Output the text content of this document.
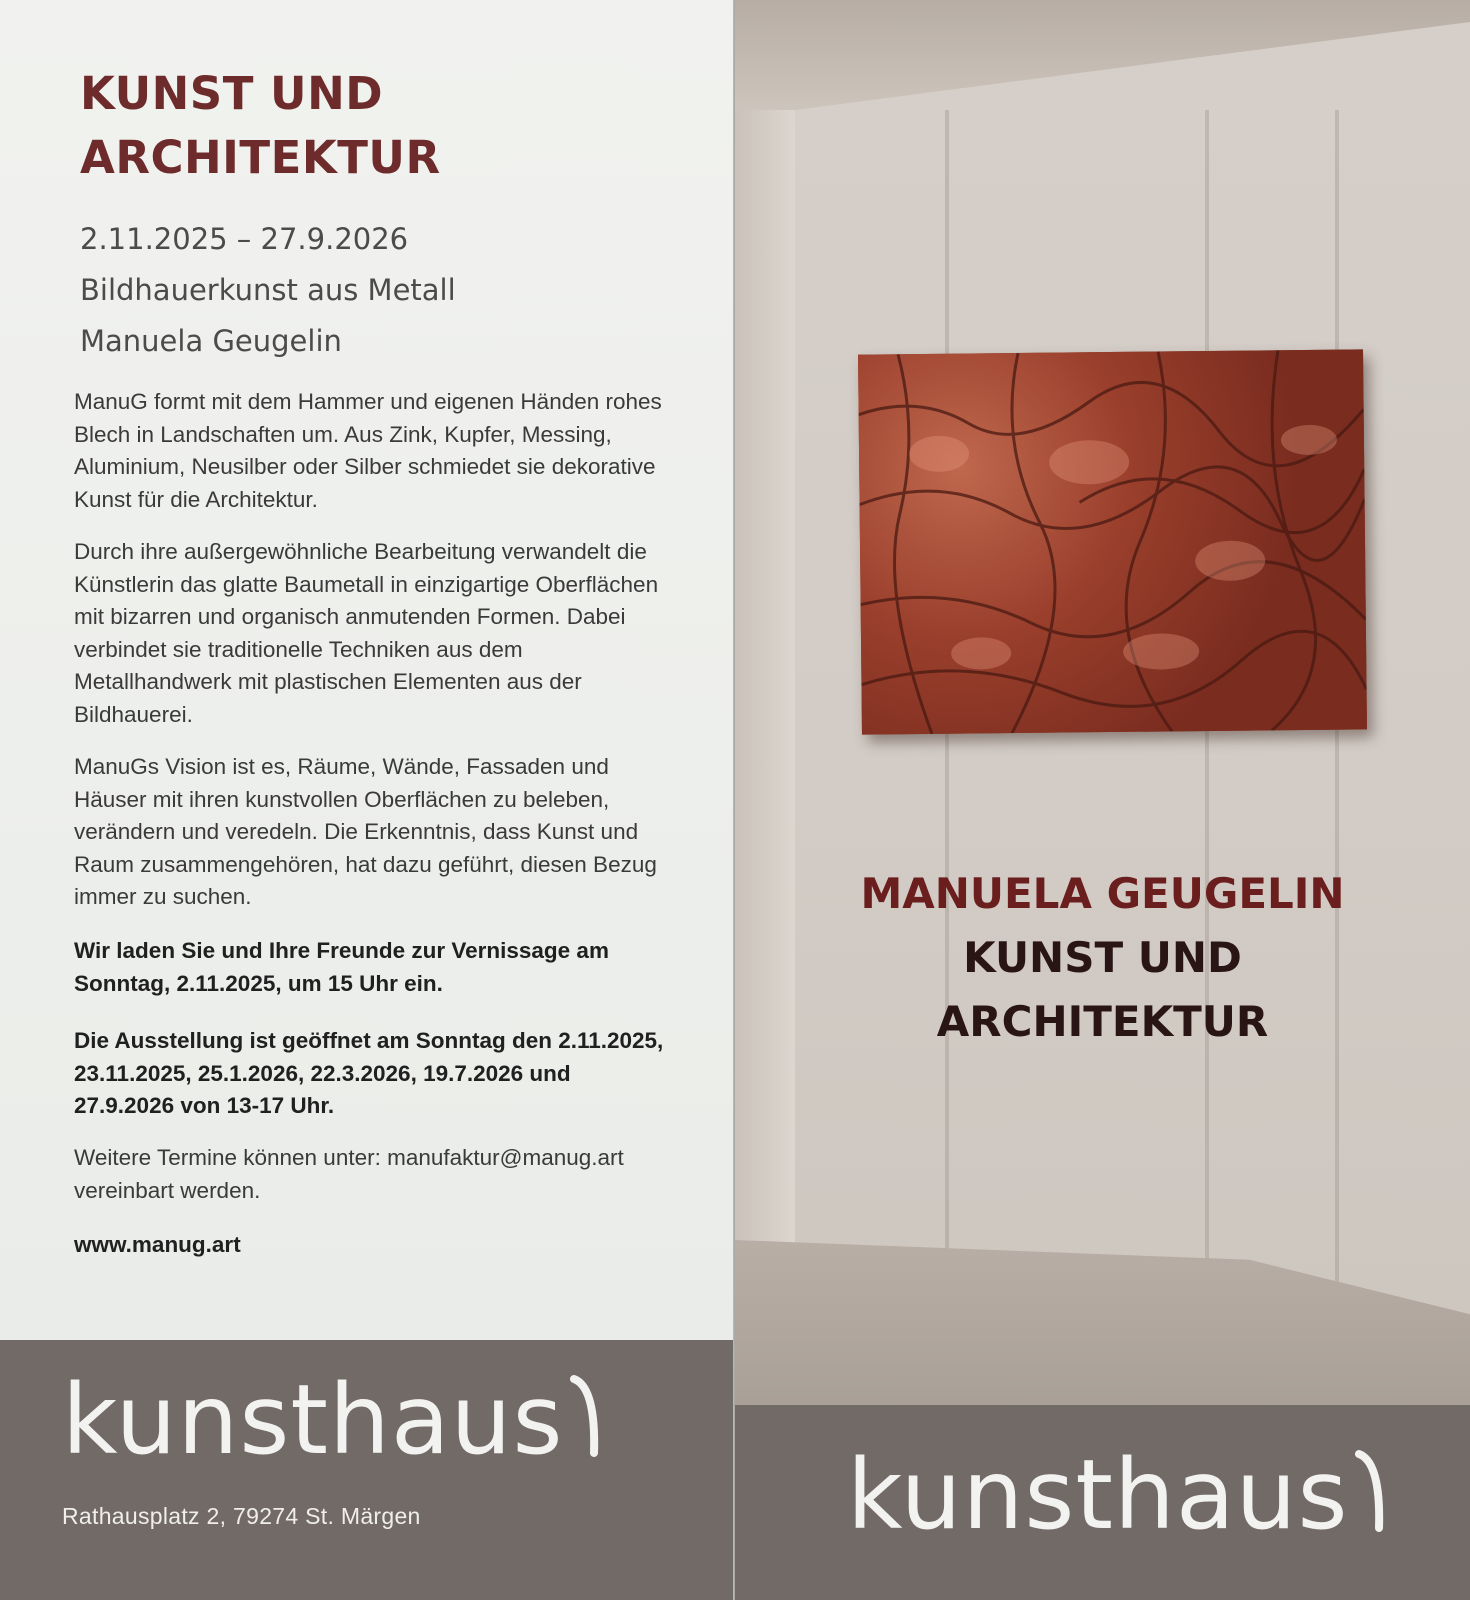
KUNST UND
ARCHITEKTUR
2.11.2025 – 27.9.2026
Bildhauerkunst aus Metall
Manuela Geugelin

ManuG formt mit dem Hammer und eigenen Händen rohes Blech in Landschaften um. Aus Zink, Kupfer, Messing, Aluminium, Neusilber oder Silber schmiedet sie dekorative Kunst für die Architektur.

Durch ihre außergewöhnliche Bearbeitung verwandelt die Künstlerin das glatte Baumetall in einzigartige Oberflächen mit bizarren und organisch anmutenden Formen. Dabei verbindet sie traditionelle Techniken aus dem Metallhandwerk mit plastischen Elementen aus der Bildhauerei.

ManuGs Vision ist es, Räume, Wände, Fassaden und Häuser mit ihren kunstvollen Oberflächen zu beleben, verändern und veredeln. Die Erkenntnis, dass Kunst und Raum zusammengehören, hat dazu geführt, diesen Bezug immer zu suchen.

Wir laden Sie und Ihre Freunde zur Vernissage am Sonntag, 2.11.2025, um 15 Uhr ein.

Die Ausstellung ist geöffnet am Sonntag den 2.11.2025, 23.11.2025, 25.1.2026, 22.3.2026, 19.7.2026 und 27.9.2026 von 13-17 Uhr.

Weitere Termine können unter: manufaktur@manug.art vereinbart werden.

www.manug.art

kunsthaus
Rathausplatz 2, 79274 St. Märgen
MANUELA GEUGELIN
KUNST UND
ARCHITEKTUR
kunsthaus
